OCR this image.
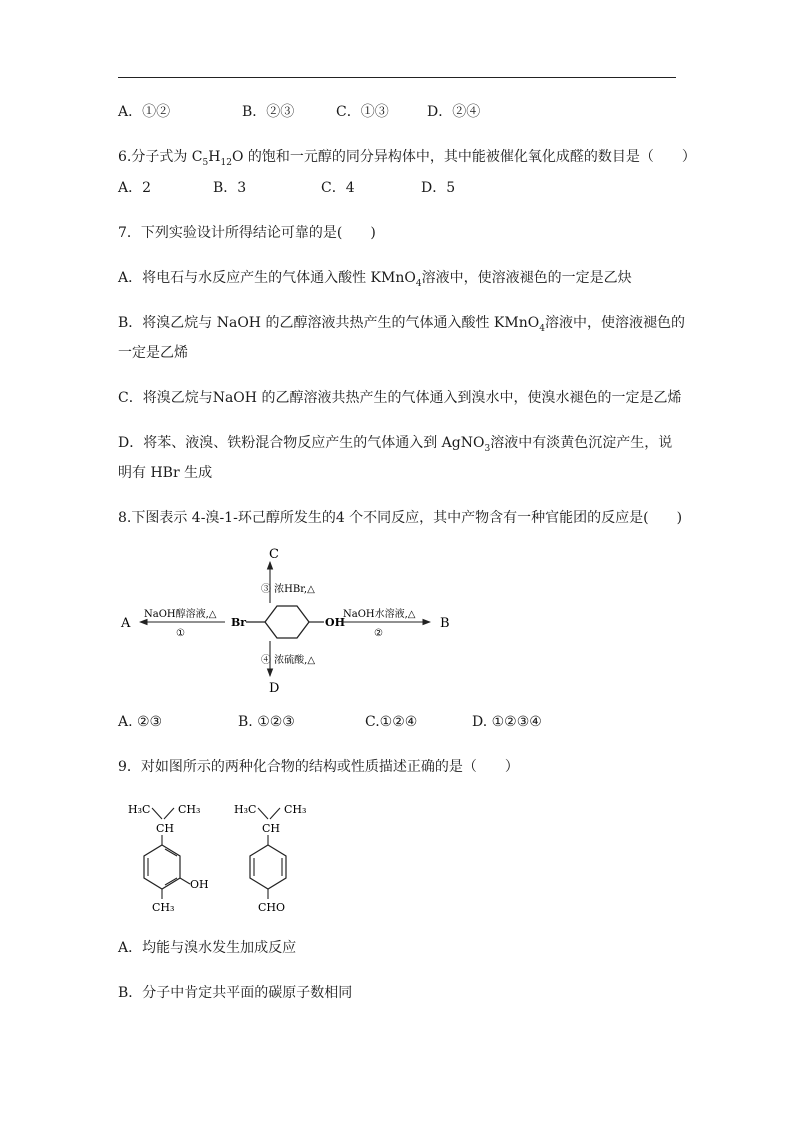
A．①②	B．②③	C．①③	D．②④
6.分子式为 $C_5H_{12}O$ 的饱和一元醇的同分异构体中，其中能被催化氧化成醛的数目是（　　）
A．2	B．3	C．4	D．5
7．下列实验设计所得结论可靠的是(　　)
A．将电石与水反应产生的气体通入酸性 KMnO$_4$溶液中，使溶液褪色的一定是乙炔
B．将溴乙烷与 NaOH 的乙醇溶液共热产生的气体通入酸性 KMnO$_4$溶液中，使溶液褪色的
一定是乙烯
C．将溴乙烷与NaOH 的乙醇溶液共热产生的气体通入到溴水中，使溴水褪色的一定是乙烯
D．将苯、液溴、铁粉混合物反应产生的气体通入到 AgNO$_3$溶液中有淡黄色沉淀产生，说
明有 HBr 生成
8.下图表示 4-溴-1-环己醇所发生的4 个不同反应，其中产物含有一种官能团的反应是(　　)
Br	OH
C
③ 浓HBr,△
D
④ 浓硫酸,△
A
NaOH醇溶液,△
①
B
NaOH水溶液,△
②
A. ②③	B. ①②③	C.①②④	D. ①②③④
9．对如图所示的两种化合物的结构或性质描述正确的是（　　）
H₃C	CH₃
CH
OH
CH₃
H₃C	CH₃
CH
CHO
A．均能与溴水发生加成反应
B．分子中肯定共平面的碳原子数相同
